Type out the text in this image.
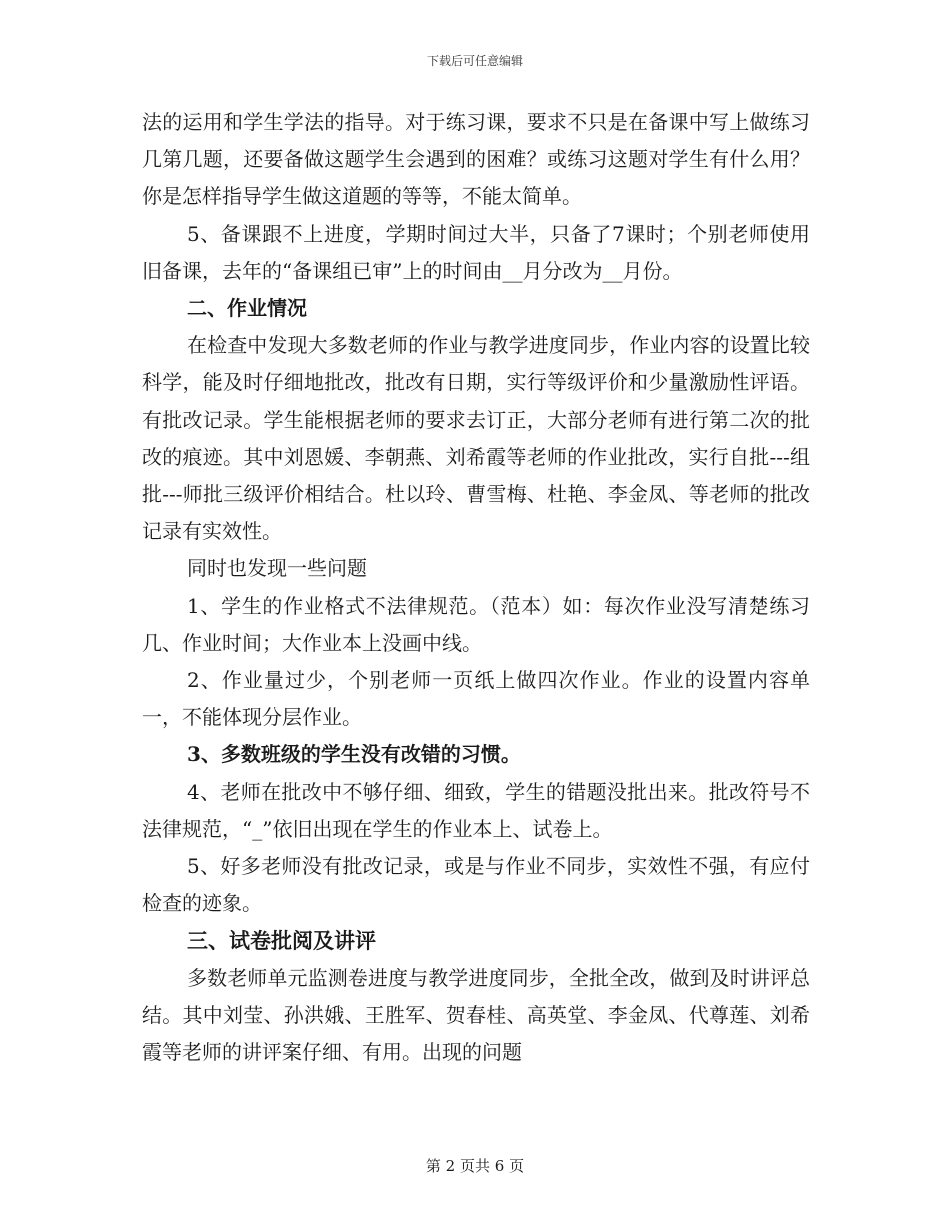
下载后可任意编辑

法的运用和学生学法的指导。对于练习课，要求不只是在备课中写上做练习几第几题，还要备做这题学生会遇到的困难？或练习这题对学生有什么用？你是怎样指导学生做这道题的等等，不能太简单。

5、备课跟不上进度，学期时间过大半，只备了7课时；个别老师使用旧备课，去年的“备课组已审”上的时间由__月分改为__月份。

二、作业情况

在检查中发现大多数老师的作业与教学进度同步，作业内容的设置比较科学，能及时仔细地批改，批改有日期，实行等级评价和少量激励性评语。有批改记录。学生能根据老师的要求去订正，大部分老师有进行第二次的批改的痕迹。其中刘恩媛、李朝燕、刘希霞等老师的作业批改，实行自批---组批---师批三级评价相结合。杜以玲、曹雪梅、杜艳、李金凤、等老师的批改记录有实效性。

同时也发现一些问题

1、学生的作业格式不法律规范。（范本）如：每次作业没写清楚练习几、作业时间；大作业本上没画中线。

2、作业量过少，个别老师一页纸上做四次作业。作业的设置内容单一，不能体现分层作业。

3、多数班级的学生没有改错的习惯。

4、老师在批改中不够仔细、细致，学生的错题没批出来。批改符号不法律规范，“_”依旧出现在学生的作业本上、试卷上。

5、好多老师没有批改记录，或是与作业不同步，实效性不强，有应付检查的迹象。

三、试卷批阅及讲评

多数老师单元监测卷进度与教学进度同步，全批全改，做到及时讲评总结。其中刘莹、孙洪娥、王胜军、贺春桂、高英堂、李金凤、代尊莲、刘希霞等老师的讲评案仔细、有用。出现的问题

第 2 页共 6 页
